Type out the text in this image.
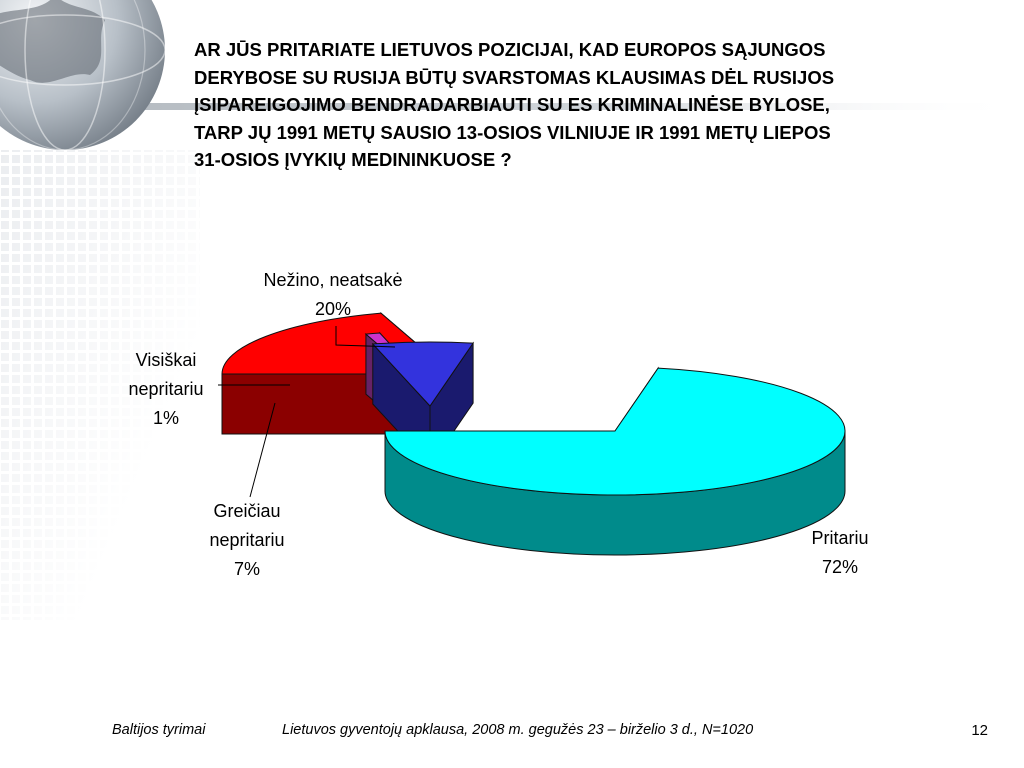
AR JŪS PRITARIATE LIETUVOS POZICIJAI, KAD EUROPOS SĄJUNGOS
DERYBOSE SU RUSIJA BŪTŲ SVARSTOMAS KLAUSIMAS DĖL RUSIJOS
ĮSIPAREIGOJIMO BENDRADARBIAUTI SU ES KRIMINALINĖSE BYLOSE,
TARP JŲ 1991 METŲ SAUSIO 13-OSIOS VILNIUJE IR 1991 METŲ LIEPOS
31-OSIOS ĮVYKIŲ MEDININKUOSE ?
Pritariu
72%
Greičiau
nepritariu
7%
Visiškai
nepritariu
1%
Nežino, neatsakė
20%
Baltijos tyrimai	Lietuvos gyventojų apklausa, 2008 m. gegužės 23 – birželio 3 d., N=1020	12
